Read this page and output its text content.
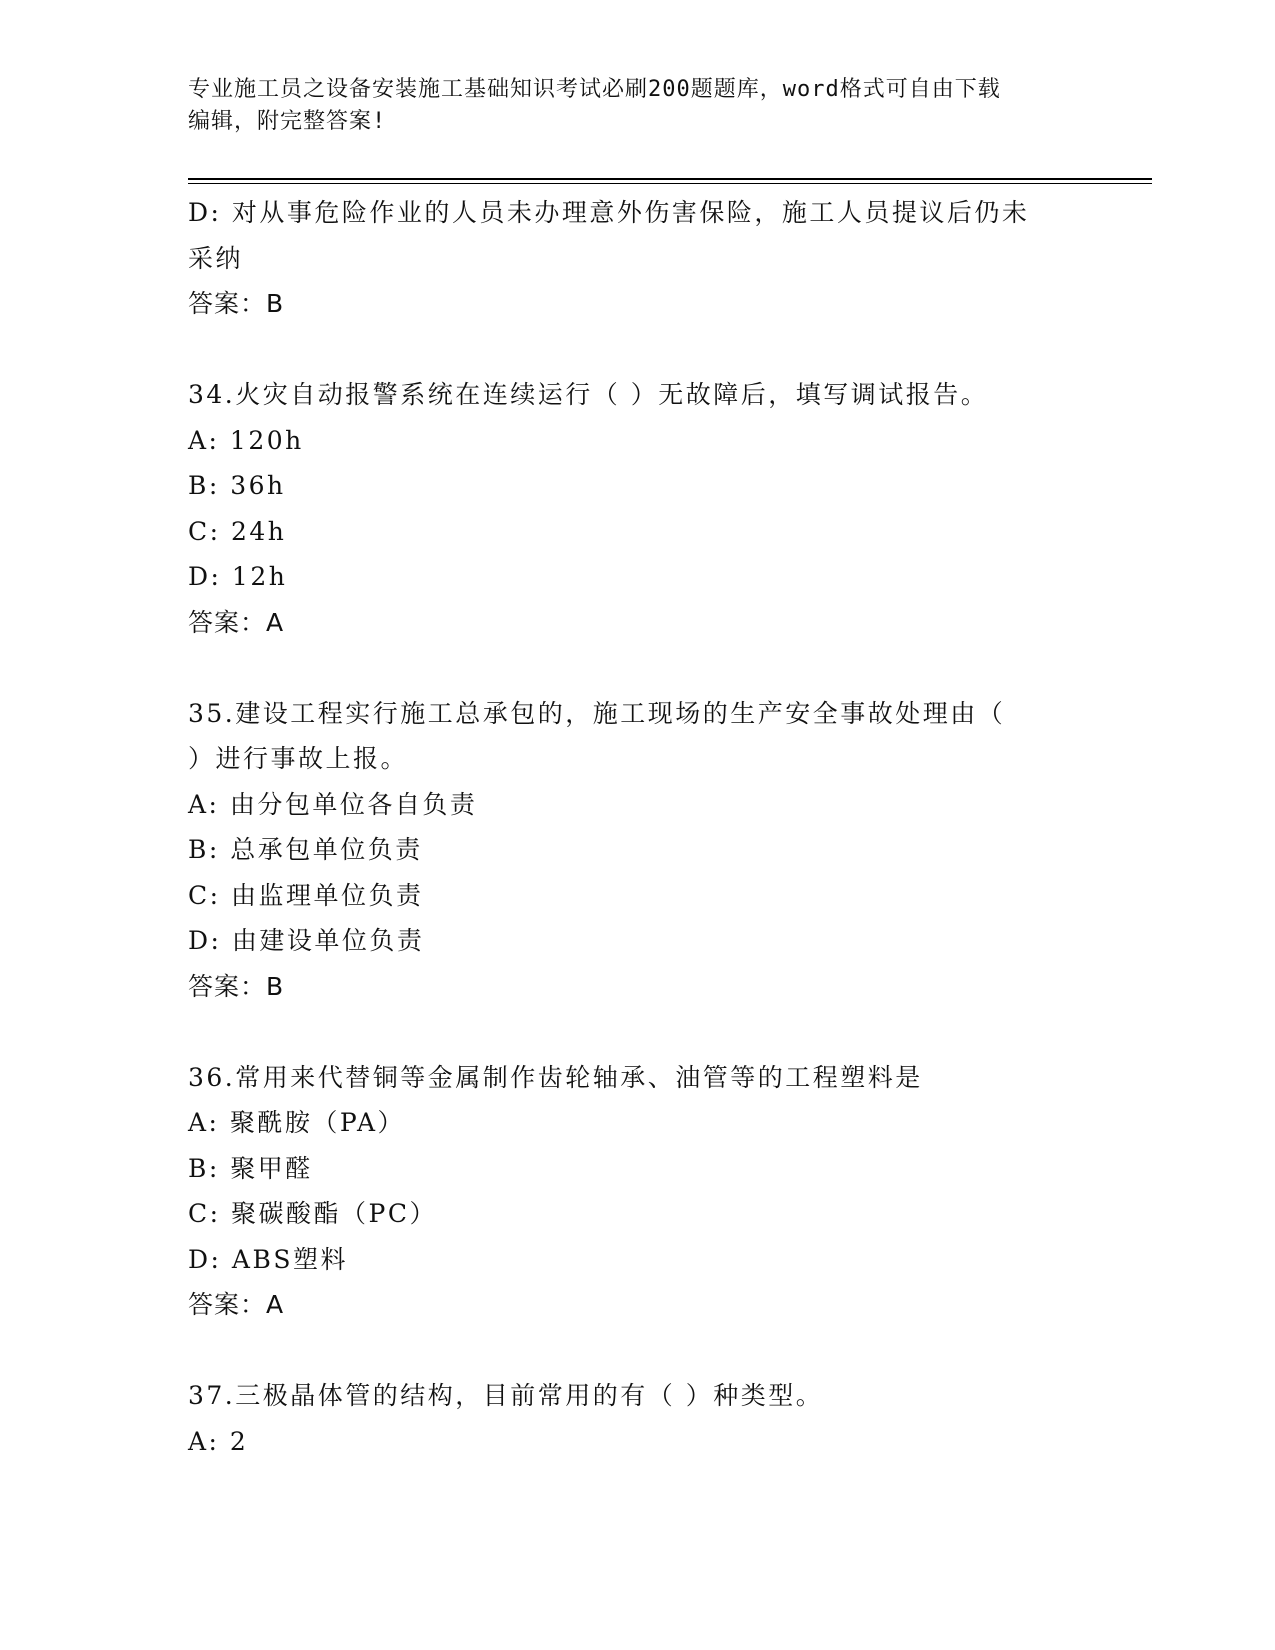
专业施工员之设备安装施工基础知识考试必刷200题题库，word格式可自由下载
编辑，附完整答案!
D: 对从事危险作业的人员未办理意外伤害保险，施工人员提议后仍未
采纳
答案：B
34.火灾自动报警系统在连续运行（ ）无故障后，填写调试报告。
A: 120h
B: 36h
C: 24h
D: 12h
答案：A
35.建设工程实行施工总承包的，施工现场的生产安全事故处理由（
）进行事故上报。
A: 由分包单位各自负责
B: 总承包单位负责
C: 由监理单位负责
D: 由建设单位负责
答案：B
36.常用来代替铜等金属制作齿轮轴承、油管等的工程塑料是
A: 聚酰胺（PA）
B: 聚甲醛
C: 聚碳酸酯（PC）
D: ABS塑料
答案：A
37.三极晶体管的结构，目前常用的有（ ）种类型。
A: 2
